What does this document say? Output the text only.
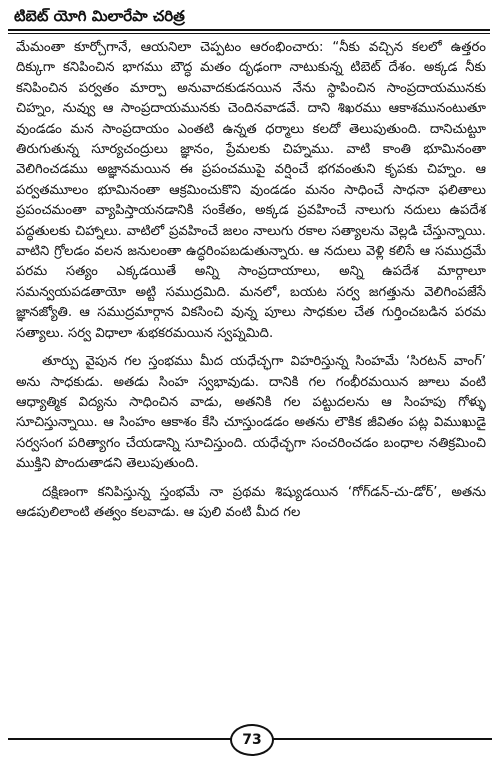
టిబెట్ యోగి మిలారేపా చరిత్ర

మేమంతా కూర్చోగానే, ఆయనిలా చెప్పటం ఆరంభించారు: “నీకు వచ్చిన కలలో ఉత్తరం దిక్కుగా కనిపించిన భాగము బౌద్ధ మతం దృఢంగా నాటుకున్న టిబెట్ దేశం. అక్కడ నీకు కనిపించిన పర్వతం మార్పా అనువాదకుడనయిన నేను స్థాపించిన సాంప్రదాయమునకు చిహ్నం, నువ్వు ఆ సాంప్రదాయమునకు చెందినవాడవే. దాని శిఖరము ఆకాశమునంటుతూ వుండడం మన సాంప్రదాయం ఎంతటి ఉన్నత ధర్మాలు కలదో తెలుపుతుంది. దానిచుట్టూ తిరుగుతున్న సూర్యచంద్రులు జ్ఞానం, ప్రేమలకు చిహ్నము. వాటి కాంతి భూమినంతా వెలిగించడము అజ్ఞానమయిన ఈ ప్రపంచముపై వర్షించే భగవంతుని కృపకు చిహ్నం. ఆ పర్వతమూలం భూమినంతా ఆక్రమించుకొని వుండడం మనం సాధించే సాధనా ఫలితాలు ప్రపంచమంతా వ్యాపిస్తాయనడానికి సంకేతం, అక్కడ ప్రవహించే నాలుగు నదులు ఉపదేశ పద్ధతులకు చిహ్నాలు. వాటిలో ప్రవహించే జలం నాలుగు రకాల సత్యాలను వెల్లడి చేస్తున్నాయి. వాటిని గ్రోలడం వలన జనులంతా ఉద్ధరింపబడుతున్నారు. ఆ నదులు వెళ్లి కలిసే ఆ సముద్రమే పరమ సత్యం ఎక్కడయితే అన్ని సాంప్రదాయాలు, అన్ని ఉపదేశ మార్గాలూ సమన్వయపడతాయో అట్టి సముద్రమిది. మనలో, బయట సర్వ జగత్తును వెలిగింపజేసే జ్ఞానజ్యోతి. ఆ సముద్రమార్గాన వికసించి వున్న పూలు సాధకుల చేత గుర్తించబడిన పరమ సత్యాలు. సర్వ విధాలా శుభకరమయిన స్వప్నమిది.

తూర్పు వైపున గల స్తంభము మీద యధేచ్ఛగా విహరిస్తున్న సింహమే ‘సిరటన్ వాంగ్’ అను సాధకుడు. అతడు సింహ స్వభావుడు. దానికి గల గంభీరమయిన జూలు వంటి ఆధ్యాత్మిక విద్యను సాధించిన వాడు, అతనికి గల పట్టుదలను ఆ సింహపు గోళ్ళు సూచిస్తున్నాయి. ఆ సింహం ఆకాశం కేసి చూస్తుండడం అతను లౌకిక జీవితం పట్ల విముఖుడై సర్వసంగ పరిత్యాగం చేయడాన్ని సూచిస్తుంది. యధేచ్ఛగా సంచరించడం బంధాల నతిక్రమించి ముక్తిని పొందుతాడని తెలుపుతుంది.

దక్షిణంగా కనిపిస్తున్న స్తంభమే నా ప్రథమ శిష్యుడయిన ‘గోగ్‌డన్-చు-డోర్’, అతను ఆడపులిలాంటి తత్వం కలవాడు. ఆ పులి వంటి మీద గల

73
